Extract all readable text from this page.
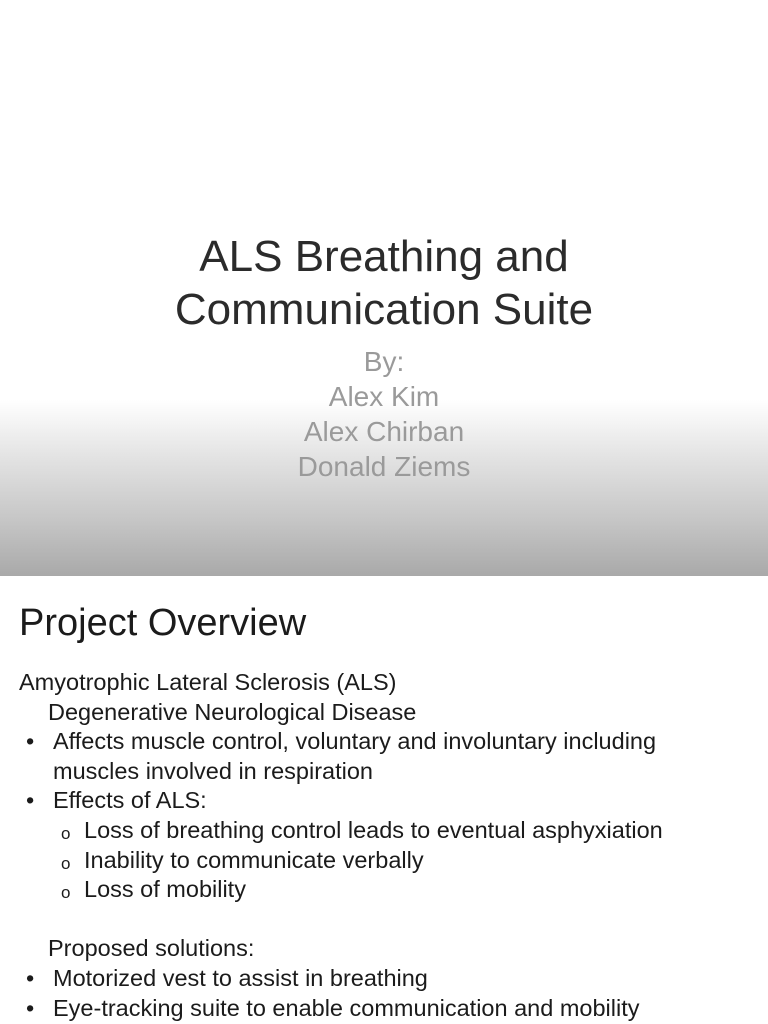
ALS Breathing and
Communication Suite
By:
Alex Kim
Alex Chirban
Donald Ziems
Project Overview
Amyotrophic Lateral Sclerosis (ALS)
Degenerative Neurological Disease
• Affects muscle control, voluntary and involuntary including
muscles involved in respiration
• Effects of ALS:
o Loss of breathing control leads to eventual asphyxiation
o Inability to communicate verbally
o Loss of mobility
Proposed solutions:
• Motorized vest to assist in breathing
• Eye-tracking suite to enable communication and mobility
